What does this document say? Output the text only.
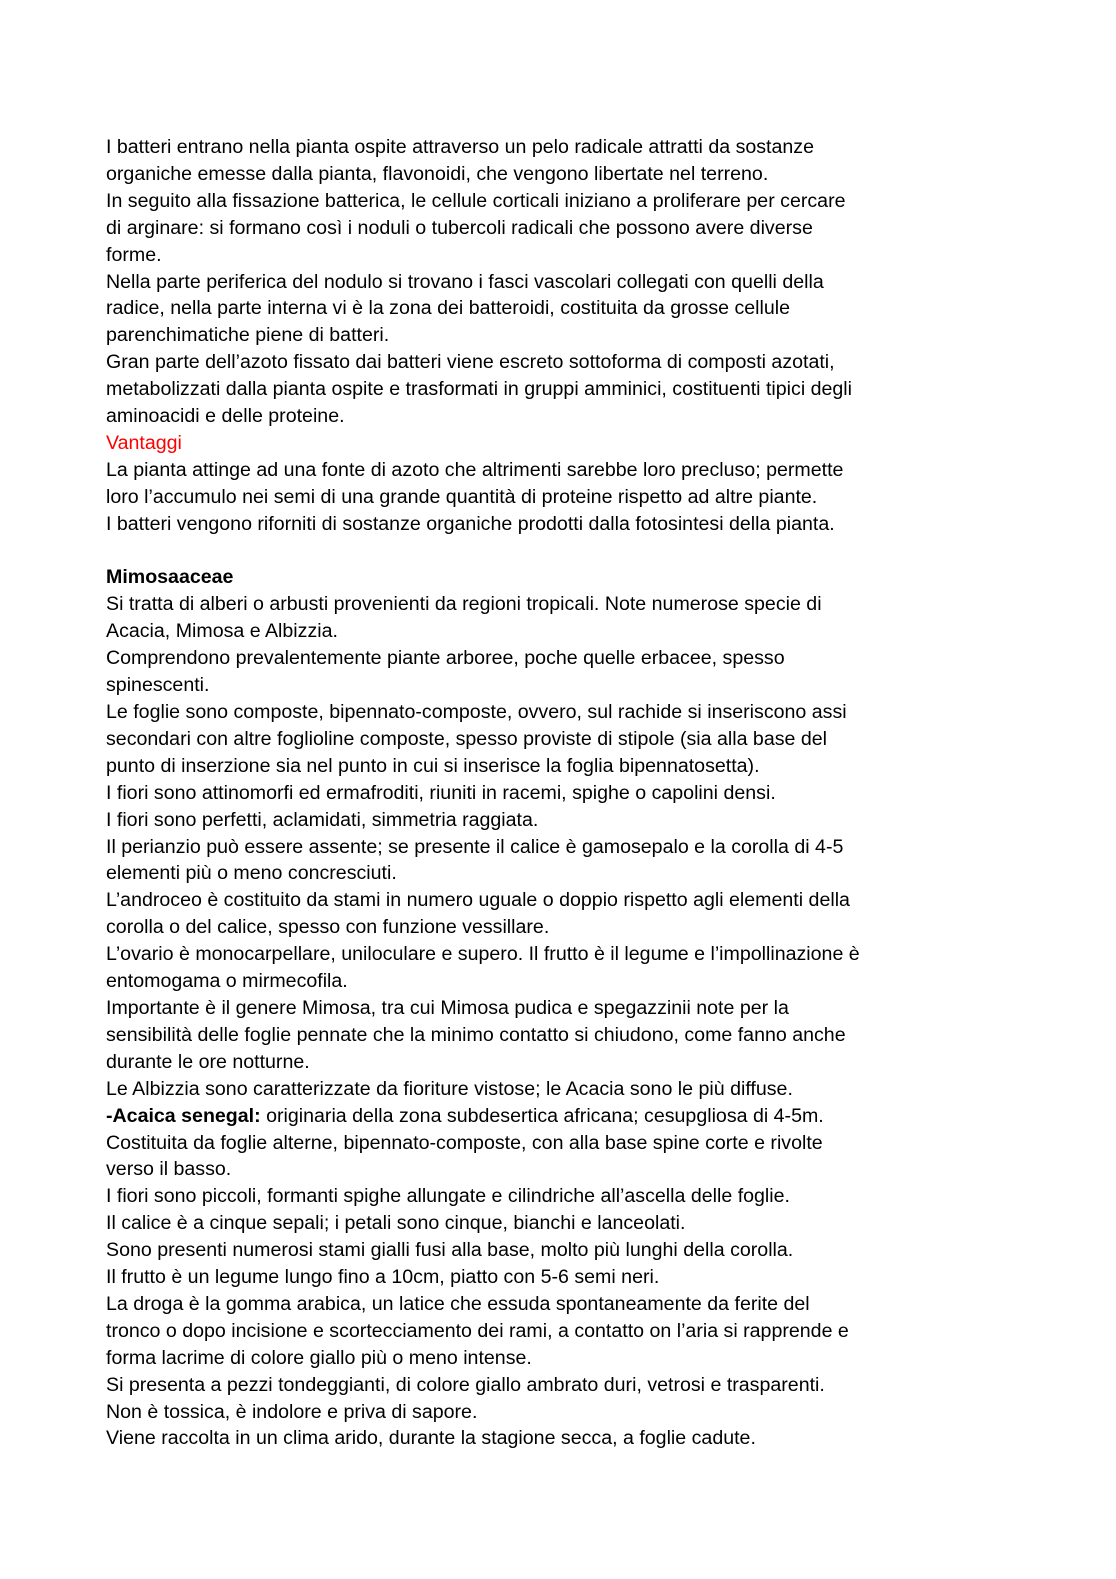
I batteri entrano nella pianta ospite attraverso un pelo radicale attratti da sostanze
organiche emesse dalla pianta, flavonoidi, che vengono libertate nel terreno.
In seguito alla fissazione batterica, le cellule corticali iniziano a proliferare per cercare
di arginare: si formano così i noduli o tubercoli radicali che possono avere diverse
forme.
Nella parte periferica del nodulo si trovano i fasci vascolari collegati con quelli della
radice, nella parte interna vi è la zona dei batteroidi, costituita da grosse cellule
parenchimatiche piene di batteri.
Gran parte dell’azoto fissato dai batteri viene escreto sottoforma di composti azotati,
metabolizzati dalla pianta ospite e trasformati in gruppi amminici, costituenti tipici degli
aminoacidi e delle proteine.
Vantaggi
La pianta attinge ad una fonte di azoto che altrimenti sarebbe loro precluso; permette
loro l’accumulo nei semi di una grande quantità di proteine rispetto ad altre piante.
I batteri vengono riforniti di sostanze organiche prodotti dalla fotosintesi della pianta.
Mimosaaceae
Si tratta di alberi o arbusti provenienti da regioni tropicali. Note numerose specie di
Acacia, Mimosa e Albizzia.
Comprendono prevalentemente piante arboree, poche quelle erbacee, spesso
spinescenti.
Le foglie sono composte, bipennato-composte, ovvero, sul rachide si inseriscono assi
secondari con altre foglioline composte, spesso proviste di stipole (sia alla base del
punto di inserzione sia nel punto in cui si inserisce la foglia bipennatosetta).
I fiori sono attinomorfi ed ermafroditi, riuniti in racemi, spighe o capolini densi.
I fiori sono perfetti, aclamidati, simmetria raggiata.
Il perianzio può essere assente; se presente il calice è gamosepalo e la corolla di 4-5
elementi più o meno concresciuti.
L’androceo è costituito da stami in numero uguale o doppio rispetto agli elementi della
corolla o del calice, spesso con funzione vessillare.
L’ovario è monocarpellare, uniloculare e supero. Il frutto è il legume e l’impollinazione è
entomogama o mirmecofila.
Importante è il genere Mimosa, tra cui Mimosa pudica e spegazzinii note per la
sensibilità delle foglie pennate che la minimo contatto si chiudono, come fanno anche
durante le ore notturne.
Le Albizzia sono caratterizzate da fioriture vistose; le Acacia sono le più diffuse.
-Acaica senegal: originaria della zona subdesertica africana; cesupgliosa di 4-5m.
Costituita da foglie alterne, bipennato-composte, con alla base spine corte e rivolte
verso il basso.
I fiori sono piccoli, formanti spighe allungate e cilindriche all’ascella delle foglie.
Il calice è a cinque sepali; i petali sono cinque, bianchi e lanceolati.
Sono presenti numerosi stami gialli fusi alla base, molto più lunghi della corolla.
Il frutto è un legume lungo fino a 10cm, piatto con 5-6 semi neri.
La droga è la gomma arabica, un latice che essuda spontaneamente da ferite del
tronco o dopo incisione e scortecciamento dei rami, a contatto on l’aria si rapprende e
forma lacrime di colore giallo più o meno intense.
Si presenta a pezzi tondeggianti, di colore giallo ambrato duri, vetrosi e trasparenti.
Non è tossica, è indolore e priva di sapore.
Viene raccolta in un clima arido, durante la stagione secca, a foglie cadute.
